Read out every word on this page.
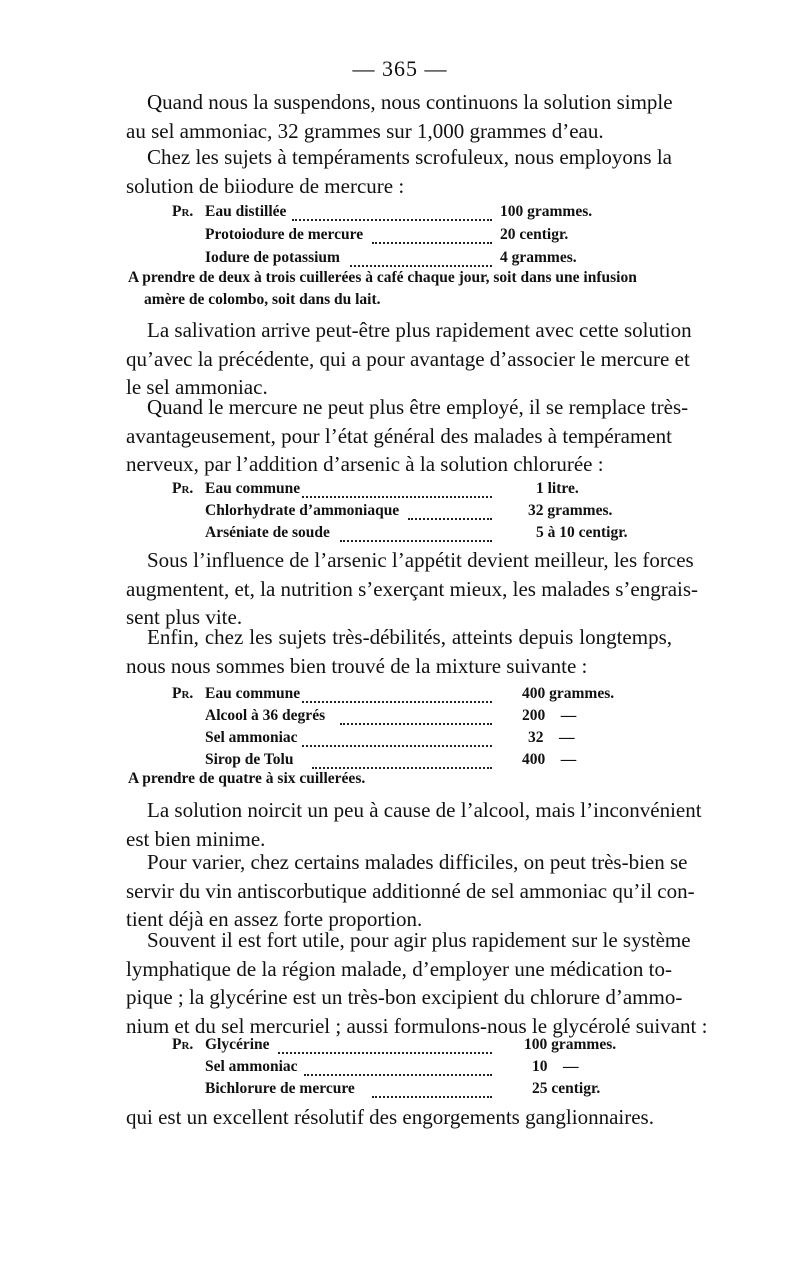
— 365 —
Quand nous la suspendons, nous continuons la solution simple
au sel ammoniac, 32 grammes sur 1,000 grammes d’eau.
Chez les sujets à tempéraments scrofuleux, nous employons la
solution de biiodure de mercure :
Pr. Eau distillée	100 grammes.
Protoiodure de mercure	20 centigr.
Iodure de potassium	4 grammes.
A prendre de deux à trois cuillerées à café chaque jour, soit dans une infusion
amère de colombo, soit dans du lait.
La salivation arrive peut-être plus rapidement avec cette solution
qu’avec la précédente, qui a pour avantage d’associer le mercure et
le sel ammoniac.
Quand le mercure ne peut plus être employé, il se remplace très-
avantageusement, pour l’état général des malades à tempérament
nerveux, par l’addition d’arsenic à la solution chlorurée :
Pr. Eau commune	1 litre.
Chlorhydrate d’ammoniaque	32 grammes.
Arséniate de soude	5 à 10 centigr.
Sous l’influence de l’arsenic l’appétit devient meilleur, les forces
augmentent, et, la nutrition s’exerçant mieux, les malades s’engrais-
sent plus vite.
Enfin, chez les sujets très-débilités, atteints depuis longtemps,
nous nous sommes bien trouvé de la mixture suivante :
Pr. Eau commune	400 grammes.
Alcool à 36 degrés	200    —
Sel ammoniac	32    —
Sirop de Tolu	400    —
A prendre de quatre à six cuillerées.
La solution noircit un peu à cause de l’alcool, mais l’inconvénient
est bien minime.
Pour varier, chez certains malades difficiles, on peut très-bien se
servir du vin antiscorbutique additionné de sel ammoniac qu’il con-
tient déjà en assez forte proportion.
Souvent il est fort utile, pour agir plus rapidement sur le système
lymphatique de la région malade, d’employer une médication to-
pique ; la glycérine est un très-bon excipient du chlorure d’ammo-
nium et du sel mercuriel ; aussi formulons-nous le glycérolé suivant :
Pr. Glycérine	100 grammes.
Sel ammoniac	10    —
Bichlorure de mercure	25 centigr.
qui est un excellent résolutif des engorgements ganglionnaires.
